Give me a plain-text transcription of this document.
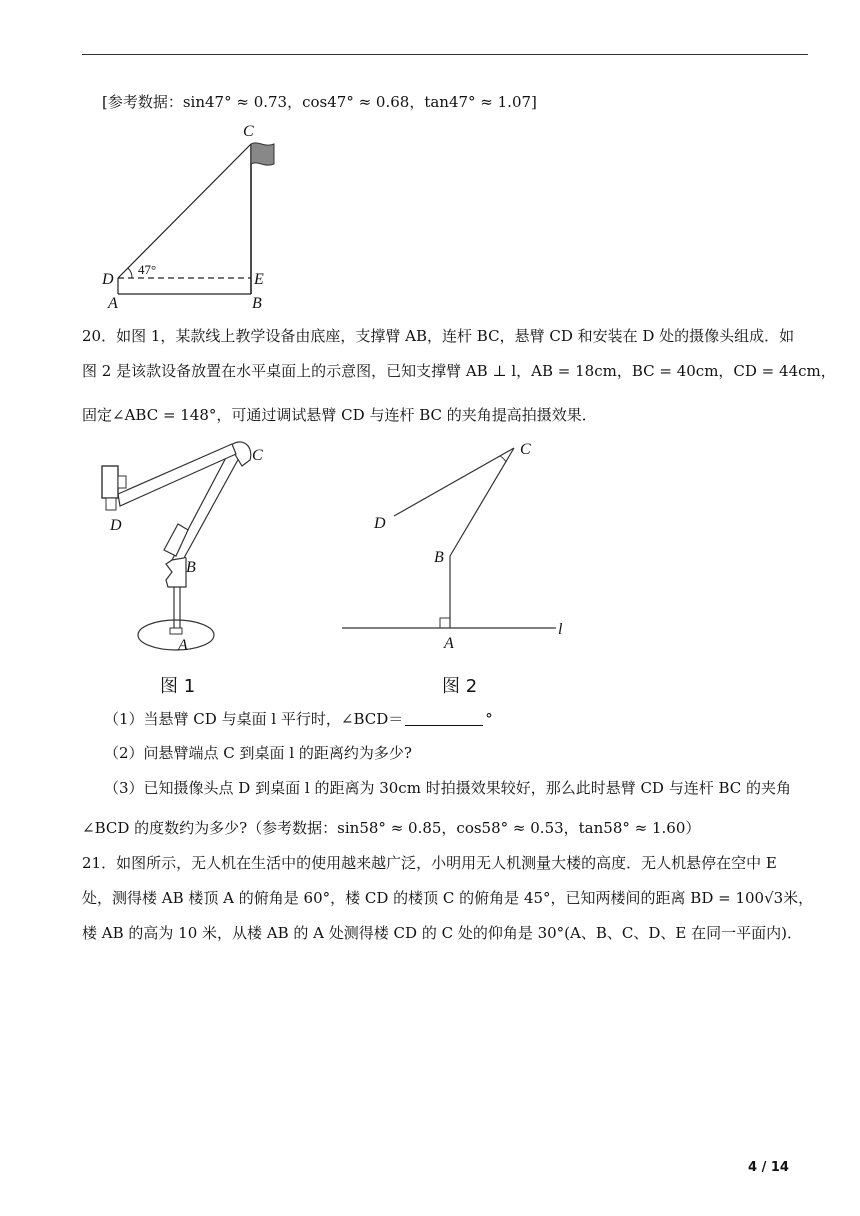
[参考数据：sin47° ≈ 0.73，cos47° ≈ 0.68，tan47° ≈ 1.07]
C
D	E
A	B
47°
20．如图 1，某款线上教学设备由底座，支撑臂 AB，连杆 BC，悬臂 CD 和安装在 D 处的摄像头组成．如
图 2 是该款设备放置在水平桌面上的示意图，已知支撑臂 AB ⊥ l，AB = 18cm，BC = 40cm，CD = 44cm，
固定∠ABC = 148°，可通过调试悬臂 CD 与连杆 BC 的夹角提高拍摄效果．
C
D
B
A
图 1
C
D
B
A
l
图 2
（1）当悬臂 CD 与桌面 l 平行时，∠BCD＝	°
（2）问悬臂端点 C 到桌面 l 的距离约为多少?
（3）已知摄像头点 D 到桌面 l 的距离为 30cm 时拍摄效果较好，那么此时悬臂 CD 与连杆 BC 的夹角
∠BCD 的度数约为多少?（参考数据：sin58° ≈ 0.85，cos58° ≈ 0.53，tan58° ≈ 1.60）
21．如图所示，无人机在生活中的使用越来越广泛，小明用无人机测量大楼的高度．无人机悬停在空中 E
处，测得楼 AB 楼顶 A 的俯角是 60°，楼 CD 的楼顶 C 的俯角是 45°，已知两楼间的距离 BD = 100√3米，
楼 AB 的高为 10 米，从楼 AB 的 A 处测得楼 CD 的 C 处的仰角是 30°(A、B、C、D、E 在同一平面内)．
4 / 14
